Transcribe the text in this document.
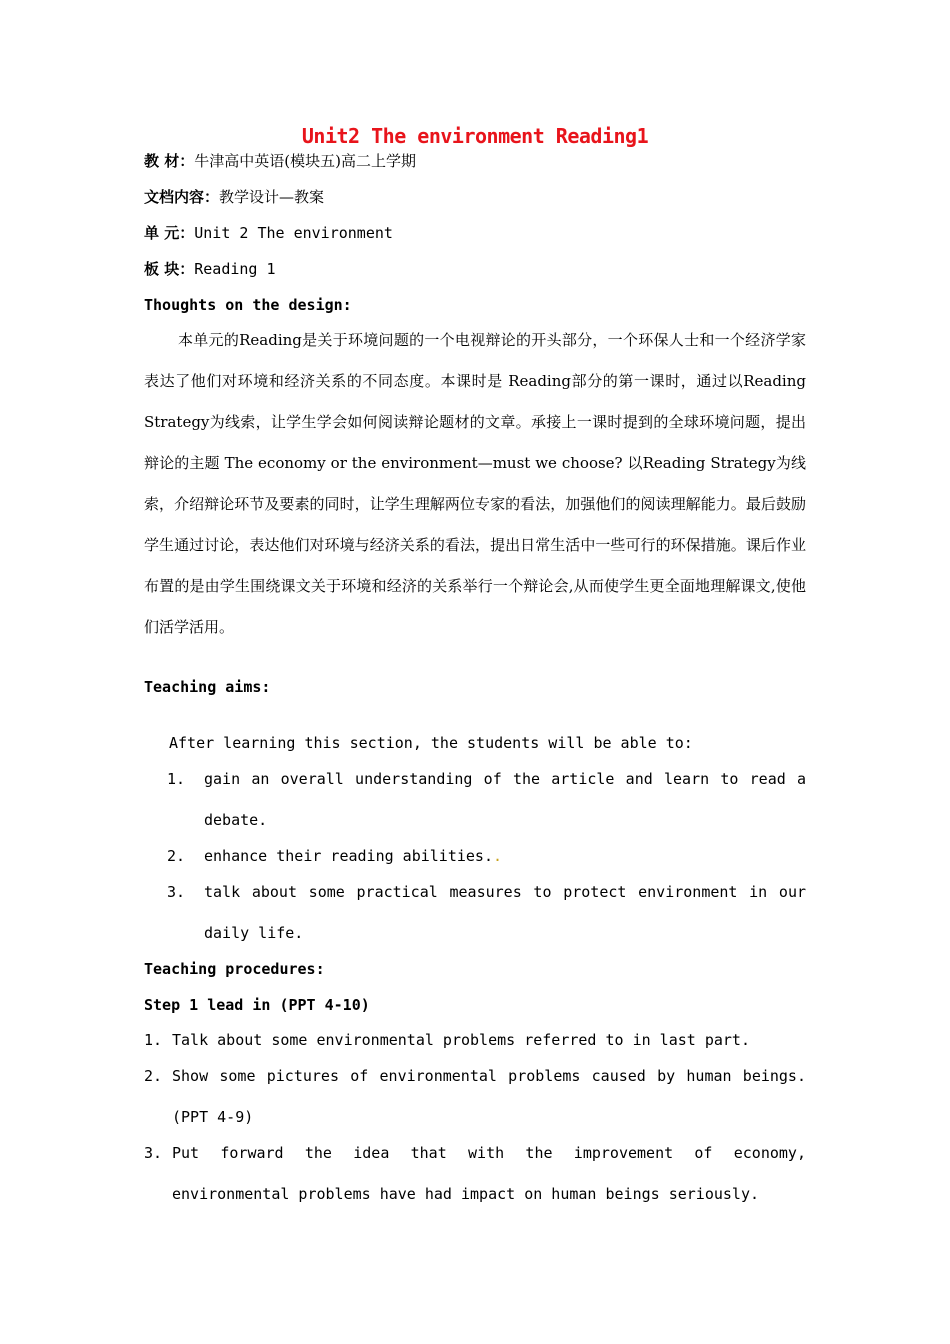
Unit2 The environment Reading1
教 材：牛津高中英语(模块五)高二上学期
文档内容：教学设计—教案
单 元：Unit 2 The environment
板 块：Reading 1
Thoughts on the design:

本单元的Reading是关于环境问题的一个电视辩论的开头部分，一个环保人士和一个经济学家表达了他们对环境和经济关系的不同态度。本课时是 Reading部分的第一课时，通过以Reading Strategy为线索，让学生学会如何阅读辩论题材的文章。承接上一课时提到的全球环境问题，提出辩论的主题 The economy or the environment—must we choose? 以Reading Strategy为线索，介绍辩论环节及要素的同时，让学生理解两位专家的看法，加强他们的阅读理解能力。最后鼓励学生通过讨论，表达他们对环境与经济关系的看法，提出日常生活中一些可行的环保措施。课后作业布置的是由学生围绕课文关于环境和经济的关系举行一个辩论会,从而使学生更全面地理解课文,使他们活学活用。

Teaching aims:
After learning this section, the students will be able to:
1. gain an overall understanding of the article and learn to read a debate.
2. enhance their reading abilities..
3. talk about some practical measures to protect environment in our daily life.
Teaching procedures:
Step 1 lead in (PPT 4-10)
1. Talk about some environmental problems referred to in last part.
2. Show some pictures of environmental problems caused by human beings. (PPT 4-9)
3. Put forward the idea that with the improvement of economy, environmental problems have had impact on human beings seriously.
